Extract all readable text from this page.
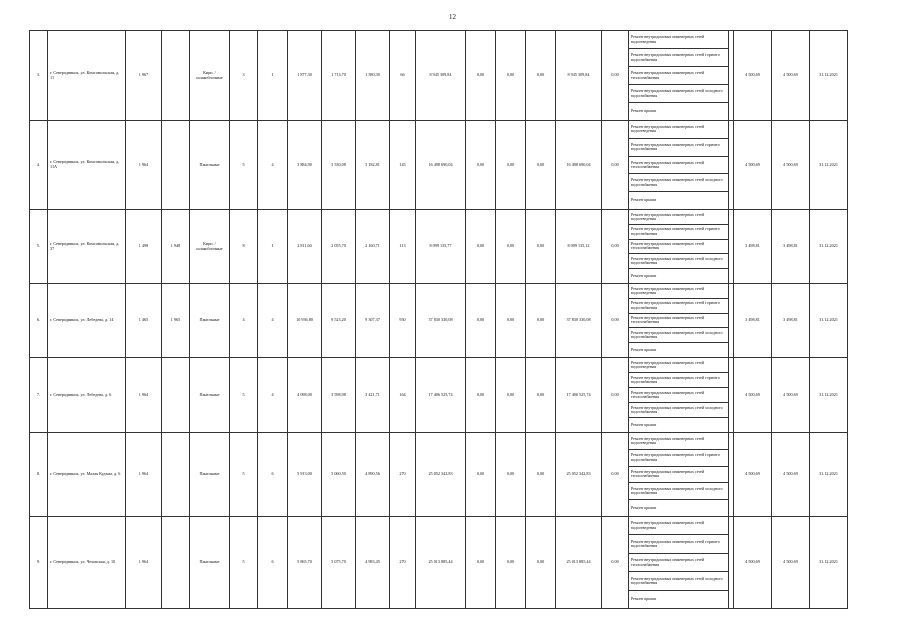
12
3.	г. Северодвинск, ул. Комсомольская, д. 11	1 967		Кирп. / шлакоблочные	3	1	1 877,30	1 713,70	1 580,30	66	8 945 309,84	0,00	0,00	0,00	8 945 309,84	0,00	Ремонт внутридомовых инженерных сетей водоотведения
Ремонт внутридомовых инженерных сетей горячего водоснабжения
Ремонт внутридомовых инженерных сетей теплоснабжения
Ремонт внутридомовых инженерных сетей холодного водоснабжения
Ремонт крыши		4 500,69	4 500,69	31.12.2021
4.	г. Северодвинск, ул. Комсомольская, д. 11А	1 964		Панельные	5	4	3 884,90	3 530,08	3 182,81	145	16 498 690,04	0,00	0,00	0,00	16 498 690,04	0,00	Ремонт внутридомовых инженерных сетей водоотведения
Ремонт внутридомовых инженерных сетей горячего водоснабжения
Ремонт внутридомовых инженерных сетей теплоснабжения
Ремонт внутридомовых инженерных сетей холодного водоснабжения
Ремонт крыши		4 500,69	4 500,69	31.12.2021
5.	г. Северодвинск, ул. Комсомольская, д. 37	1 498	1 948	Кирп. / шлакоблочные	8	1	2 811,60	2 055,70	2 160,71	113	8 099 135,77	0,00	0,00	0,00	8 099 135,12	0,00	Ремонт внутридомовых инженерных сетей водоотведения
Ремонт внутридомовых инженерных сетей горячего водоснабжения
Ремонт внутридомовых инженерных сетей теплоснабжения
Ремонт внутридомовых инженерных сетей холодного водоснабжения
Ремонт крыши		3 498,81	3 498,81	31.12.2021
6.	г. Северодвинск, ул. Лебедева, д. 14	1 465	1 965	Панельные	4	4	10 936,80	9 523,20	9 307,37	930	37 830 330,08	0,00	0,00	0,00	37 830 330,08	0,00	Ремонт внутридомовых инженерных сетей водоотведения
Ремонт внутридомовых инженерных сетей горячего водоснабжения
Ремонт внутридомовых инженерных сетей теплоснабжения
Ремонт внутридомовых инженерных сетей холодного водоснабжения
Ремонт крыши		3 498,81	3 498,81	31.12.2021
7.	г. Северодвинск, ул. Лебедева, д. 6	1 964		Панельные	5	4	4 098,00	3 598,98	3 421,71	164	17 406 525,74	0,00	0,00	0,00	17 406 525,74	0,00	Ремонт внутридомовых инженерных сетей водоотведения
Ремонт внутридомовых инженерных сетей горячего водоснабжения
Ремонт внутридомовых инженерных сетей теплоснабжения
Ремонт внутридомовых инженерных сетей холодного водоснабжения
Ремонт крыши		4 500,69	4 500,69	31.12.2021
8.	г. Северодвинск, ул. Малая Кудьма, д. 6	1 964		Панельные	5	6	5 913,00	5 060,50	4 890,56	270	25 052 342,83	0,00	0,00	0,00	25 052 342,83	0,00	Ремонт внутридомовых инженерных сетей водоотведения
Ремонт внутридомовых инженерных сетей горячего водоснабжения
Ремонт внутридомовых инженерных сетей теплоснабжения
Ремонт внутридомовых инженерных сетей холодного водоснабжения
Ремонт крыши		4 500,69	4 500,69	31.12.2021
9.	г. Северодвинск, ул. Чеховская, д. 10	1 964		Панельные	5	6	5 865,70	5 075,70	4 983,45	270	25 013 885,44	0,00	0,00	0,00	25 013 885,44	0,00	Ремонт внутридомовых инженерных сетей водоотведения
Ремонт внутридомовых инженерных сетей горячего водоснабжения
Ремонт внутридомовых инженерных сетей теплоснабжения
Ремонт внутридомовых инженерных сетей холодного водоснабжения
Ремонт крыши		4 500,69	4 500,69	31.12.2021
